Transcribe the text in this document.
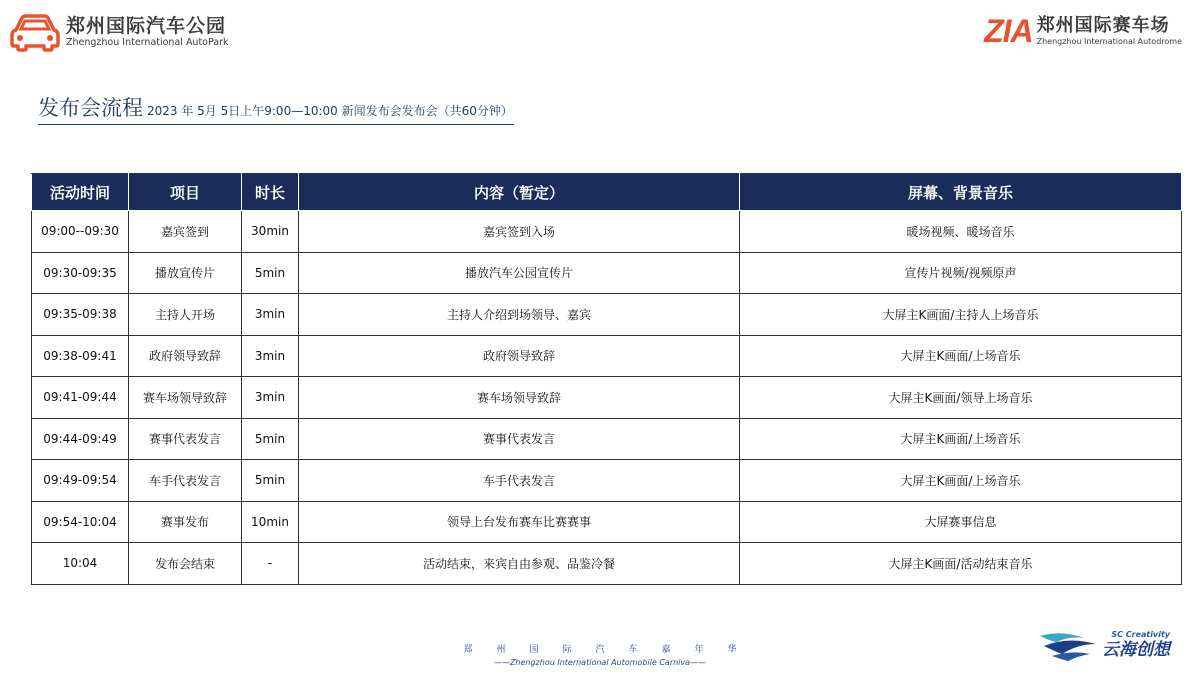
郑州国际汽车公园
Zhengzhou International AutoPark	ZIA 郑州国际赛车场
Zhengzhou International Autodrome
发布会流程 2023 年 5月 5日上午9:00—10:00 新闻发布会发布会（共60分钟）
活动时间	项目	时长	内容（暂定）	屏幕、背景音乐
09:00--09:30	嘉宾签到	30min	嘉宾签到入场	暖场视频、暖场音乐
09:30-09:35	播放宣传片	5min	播放汽车公园宣传片	宣传片视频/视频原声
09:35-09:38	主持人开场	3min	主持人介绍到场领导、嘉宾	大屏主K画面/主持人上场音乐
09:38-09:41	政府领导致辞	3min	政府领导致辞	大屏主K画面/上场音乐
09:41-09:44	赛车场领导致辞	3min	赛车场领导致辞	大屏主K画面/领导上场音乐
09:44-09:49	赛事代表发言	5min	赛事代表发言	大屏主K画面/上场音乐
09:49-09:54	车手代表发言	5min	车手代表发言	大屏主K画面/上场音乐
09:54-10:04	赛事发布	10min	领导上台发布赛车比赛赛事	大屏赛事信息
10:04	发布会结束	-	活动结束，来宾自由参观、品鉴冷餐	大屏主K画面/活动结束音乐
郑州国际汽车嘉年华
——Zhengzhou International Automobile Carniva——
SC Creativity
云海创想
